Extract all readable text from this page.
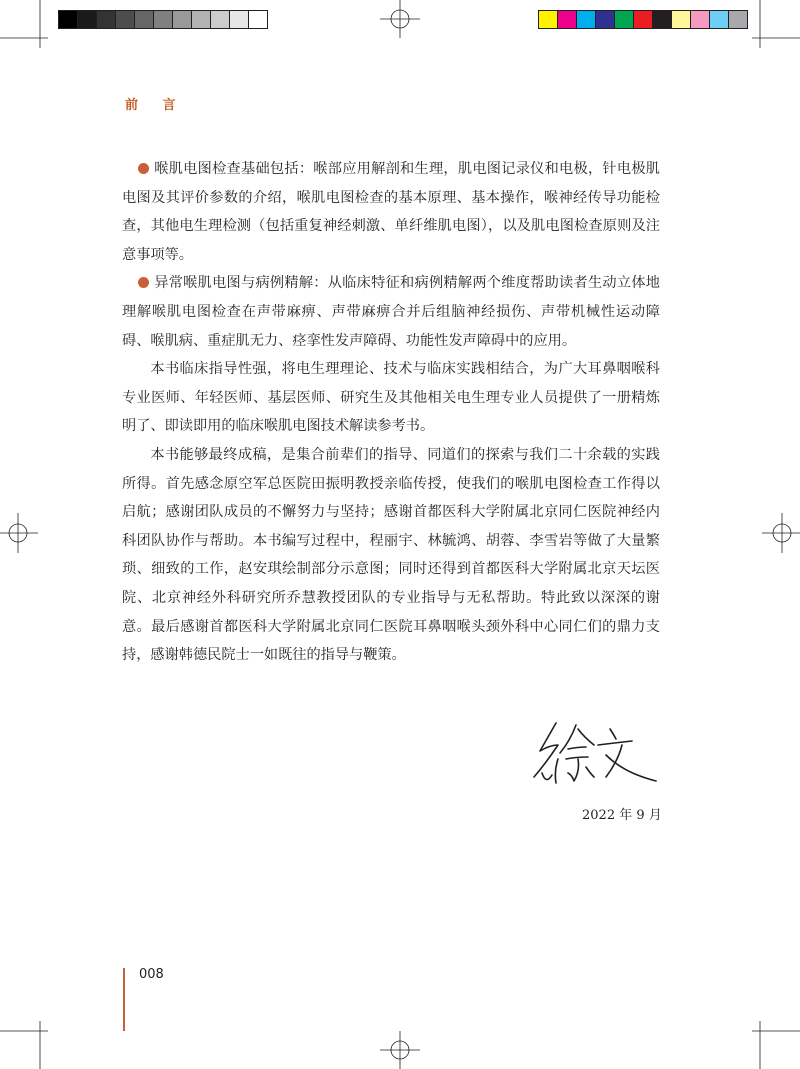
前 言

喉肌电图检查基础包括：喉部应用解剖和生理，肌电图记录仪和电极，针电极肌电图及其评价参数的介绍，喉肌电图检查的基本原理、基本操作，喉神经传导功能检查，其他电生理检测（包括重复神经刺激、单纤维肌电图），以及肌电图检查原则及注意事项等。

异常喉肌电图与病例精解：从临床特征和病例精解两个维度帮助读者生动立体地理解喉肌电图检查在声带麻痹、声带麻痹合并后组脑神经损伤、声带机械性运动障碍、喉肌病、重症肌无力、痉挛性发声障碍、功能性发声障碍中的应用。

本书临床指导性强，将电生理理论、技术与临床实践相结合，为广大耳鼻咽喉科专业医师、年轻医师、基层医师、研究生及其他相关电生理专业人员提供了一册精炼明了、即读即用的临床喉肌电图技术解读参考书。

本书能够最终成稿，是集合前辈们的指导、同道们的探索与我们二十余载的实践所得。首先感念原空军总医院田振明教授亲临传授，使我们的喉肌电图检查工作得以启航；感谢团队成员的不懈努力与坚持；感谢首都医科大学附属北京同仁医院神经内科团队协作与帮助。本书编写过程中，程丽宇、林毓鸿、胡蓉、李雪岩等做了大量繁琐、细致的工作，赵安琪绘制部分示意图；同时还得到首都医科大学附属北京天坛医院、北京神经外科研究所乔慧教授团队的专业指导与无私帮助。特此致以深深的谢意。最后感谢首都医科大学附属北京同仁医院耳鼻咽喉头颈外科中心同仁们的鼎力支持，感谢韩德民院士一如既往的指导与鞭策。

2022 年 9 月
008
